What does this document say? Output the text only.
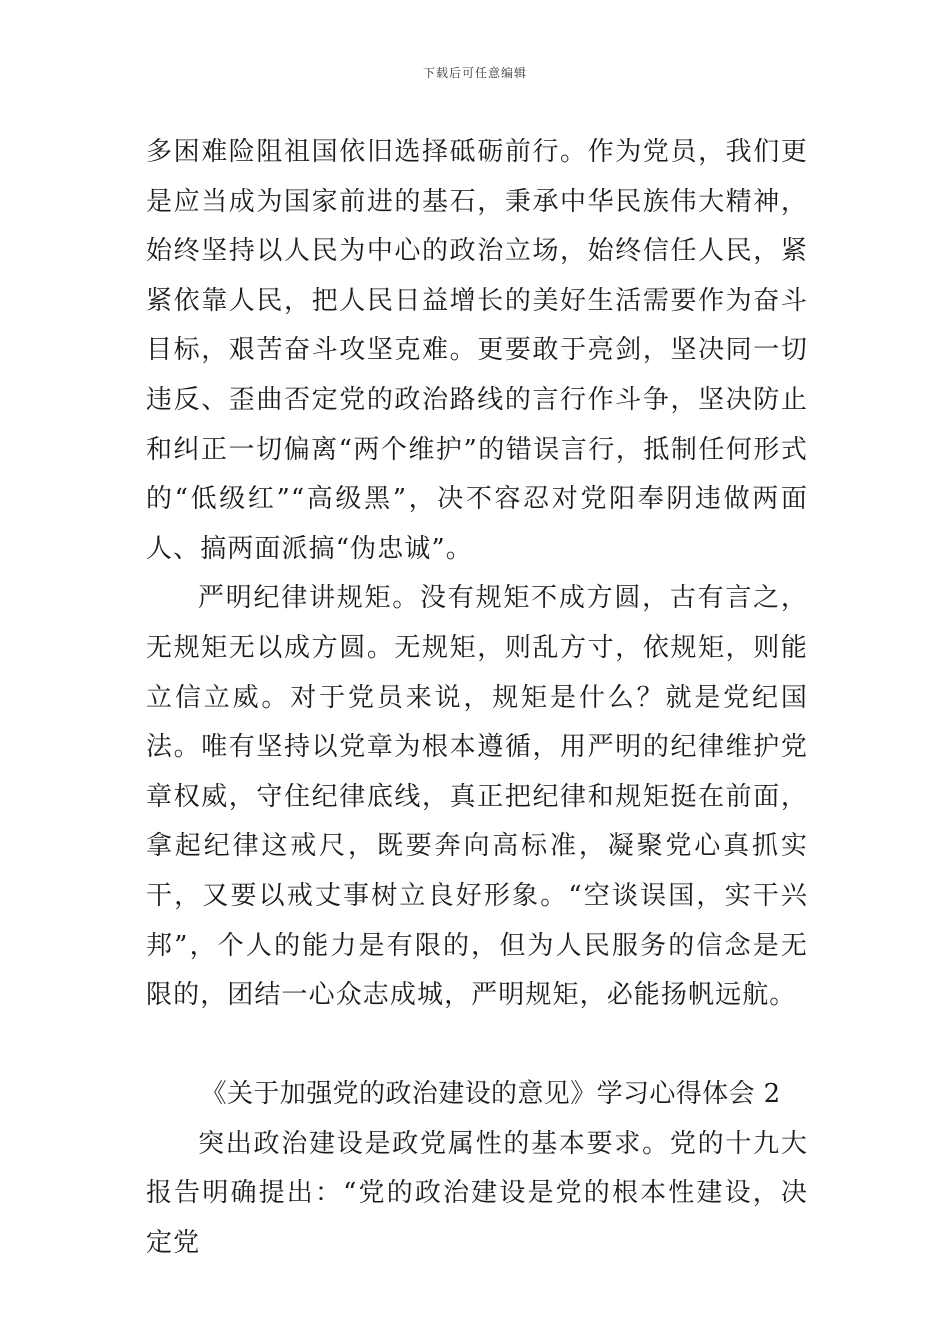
下载后可任意编辑

多困难险阻祖国依旧选择砥砺前行。作为党员，我们更是应当成为国家前进的基石，秉承中华民族伟大精神，始终坚持以人民为中心的政治立场，始终信任人民，紧紧依靠人民，把人民日益增长的美好生活需要作为奋斗目标，艰苦奋斗攻坚克难。更要敢于亮剑，坚决同一切违反、歪曲否定党的政治路线的言行作斗争，坚决防止和纠正一切偏离“两个维护”的错误言行，抵制任何形式的“低级红”“高级黑”，决不容忍对党阳奉阴违做两面人、搞两面派搞“伪忠诚”。

严明纪律讲规矩。没有规矩不成方圆，古有言之，无规矩无以成方圆。无规矩，则乱方寸，依规矩，则能立信立威。对于党员来说，规矩是什么？就是党纪国法。唯有坚持以党章为根本遵循，用严明的纪律维护党章权威，守住纪律底线，真正把纪律和规矩挺在前面，拿起纪律这戒尺，既要奔向高标准，凝聚党心真抓实干，又要以戒丈事树立良好形象。“空谈误国，实干兴邦”，个人的能力是有限的，但为人民服务的信念是无限的，团结一心众志成城，严明规矩，必能扬帆远航。

《关于加强党的政治建设的意见》学习心得体会 2

突出政治建设是政党属性的基本要求。党的十九大报告明确提出：“党的政治建设是党的根本性建设，决定党
